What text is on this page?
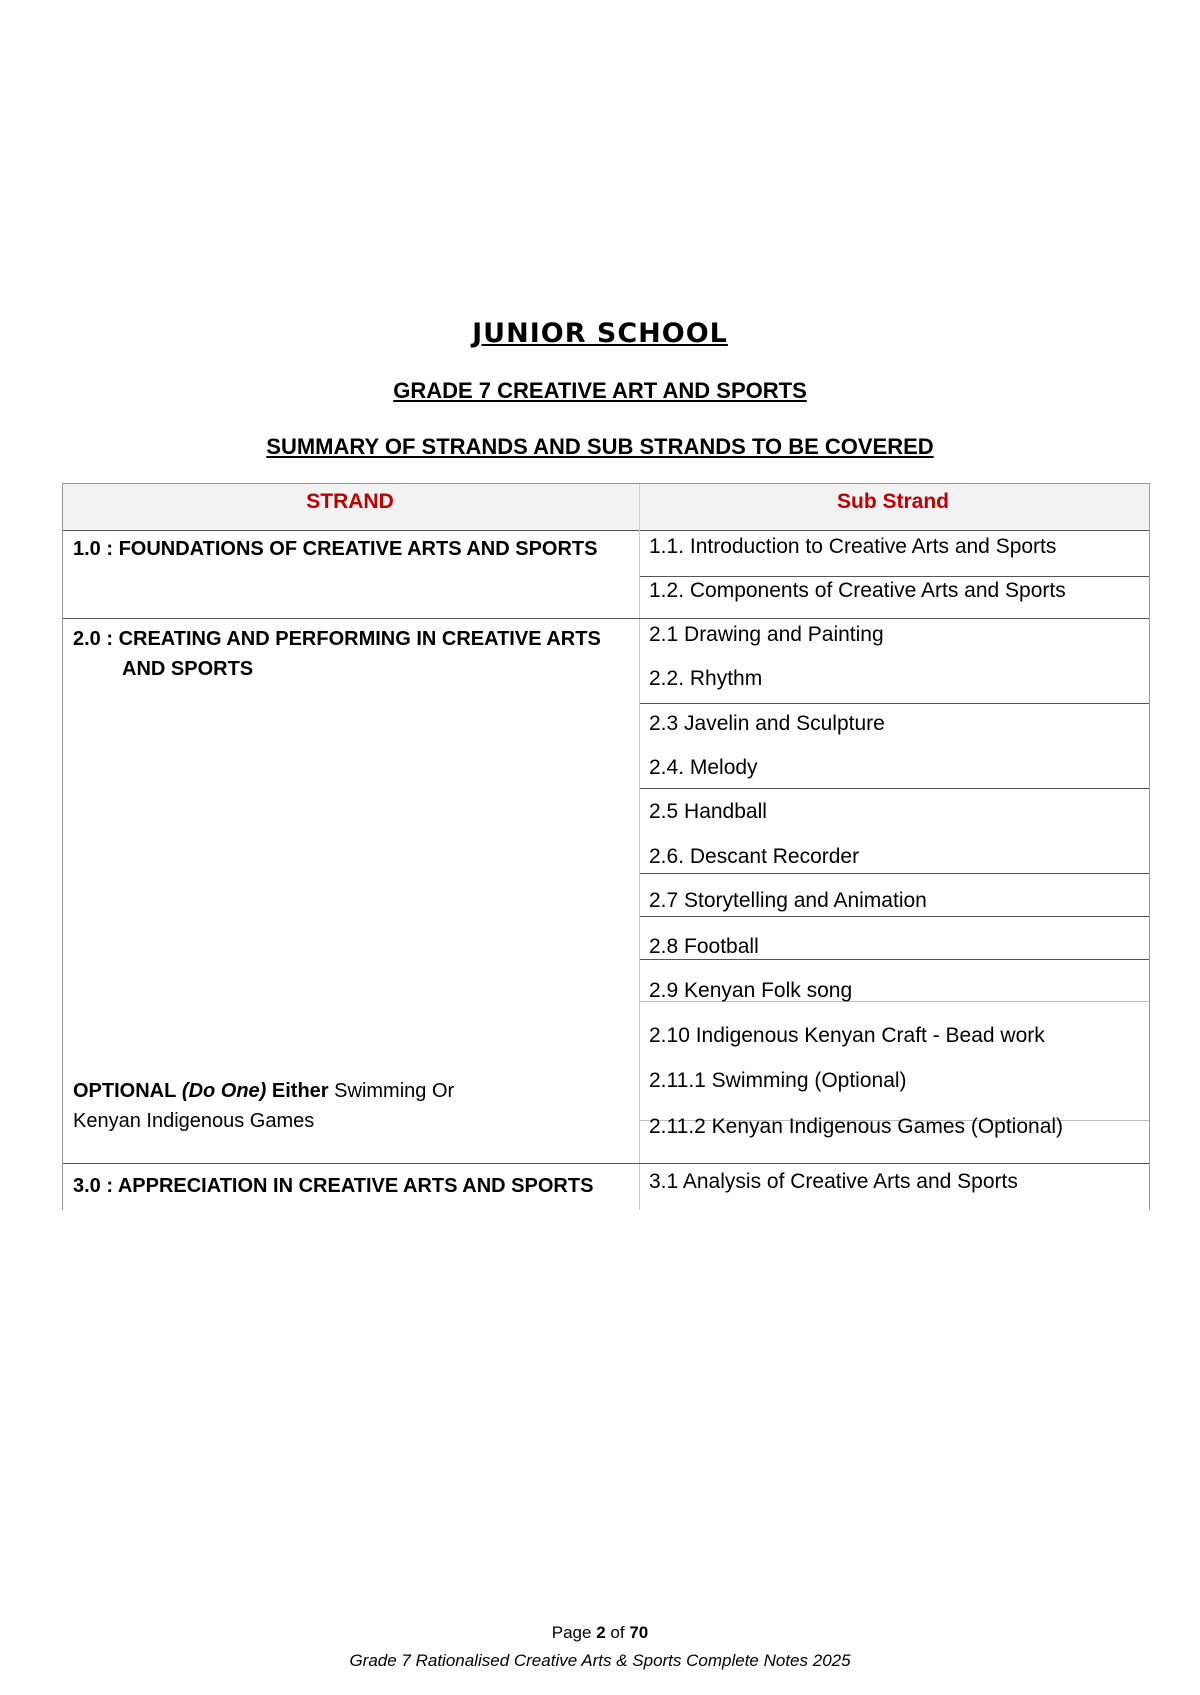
JUNIOR SCHOOL
GRADE 7 CREATIVE ART AND SPORTS
SUMMARY OF STRANDS AND SUB STRANDS TO BE COVERED
STRAND	Sub Strand
1.0 : FOUNDATIONS OF CREATIVE ARTS AND SPORTS
2.0 : CREATING AND PERFORMING IN CREATIVE ARTS
AND SPORTS
OPTIONAL (Do One) Either Swimming Or
Kenyan Indigenous Games
3.0 : APPRECIATION IN CREATIVE ARTS AND SPORTS
1.1. Introduction to Creative Arts and Sports
1.2. Components of Creative Arts and Sports
2.1 Drawing and Painting
2.2. Rhythm
2.3 Javelin and Sculpture
2.4. Melody
2.5 Handball
2.6. Descant Recorder
2.7 Storytelling and Animation
2.8 Football
2.9 Kenyan Folk song
2.10 Indigenous Kenyan Craft - Bead work
2.11.1 Swimming (Optional)
2.11.2 Kenyan Indigenous Games (Optional)
3.1 Analysis of Creative Arts and Sports
Page 2 of 70
Grade 7 Rationalised Creative Arts & Sports Complete Notes 2025
